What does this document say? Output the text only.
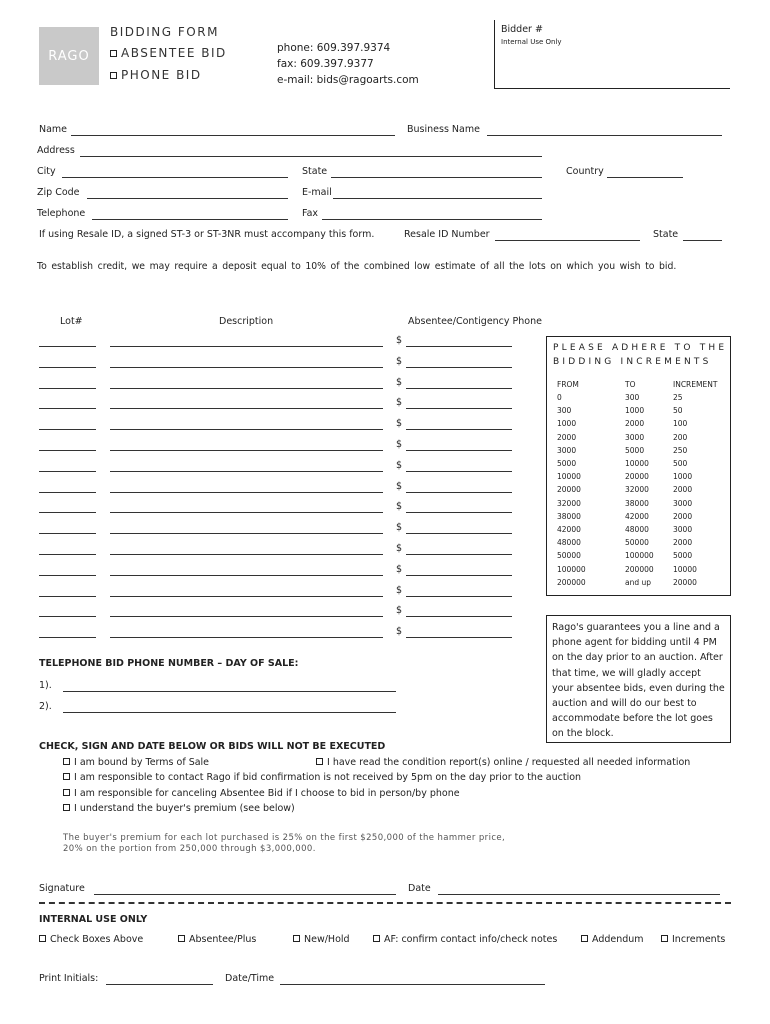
RAGO
BIDDING FORM
ABSENTEE BID
PHONE BID
phone: 609.397.9374
fax: 609.397.9377
e-mail: bids@ragoarts.com
Bidder #
Internal Use Only
Name	Business Name
Address
City	State	Country
Zip Code	E-mail
Telephone	Fax
If using Resale ID, a signed ST-3 or ST-3NR must accompany this form.	Resale ID Number	State
To establish credit, we may require a deposit equal to 10% of the combined low estimate of all the lots on which you wish to bid.
Lot#	Description	Absentee/Contigency Phone
$
$
$
$
$
$
$
$
$
$
$
$
$
$
$
PLEASE ADHERE TO THE
BIDDING INCREMENTS
FROM	TO	INCREMENT
0	300	25
300	1000	50
1000	2000	100
2000	3000	200
3000	5000	250
5000	10000	500
10000	20000	1000
20000	32000	2000
32000	38000	3000
38000	42000	2000
42000	48000	3000
48000	50000	2000
50000	100000	5000
100000	200000	10000
200000	and up	20000
Rago's guarantees you a line and a phone agent for bidding until 4 PM on the day prior to an auction. After that time, we will gladly accept your absentee bids, even during the auction and will do our best to accommodate before the lot goes on the block.
TELEPHONE BID PHONE NUMBER – DAY OF SALE:
1).
2).
CHECK, SIGN AND DATE BELOW OR BIDS WILL NOT BE EXECUTED
I am bound by Terms of Sale	I have read the condition report(s) online / requested all needed information
I am responsible to contact Rago if bid confirmation is not received by 5pm on the day prior to the auction
I am responsible for canceling Absentee Bid if I choose to bid in person/by phone
I understand the buyer's premium (see below)
The buyer's premium for each lot purchased is 25% on the first $250,000 of the hammer price,
20% on the portion from 250,000 through $3,000,000.
Signature	Date
INTERNAL USE ONLY
Check Boxes Above	Absentee/Plus	New/Hold	AF: confirm contact info/check notes	Addendum	Increments
Print Initials:	Date/Time
